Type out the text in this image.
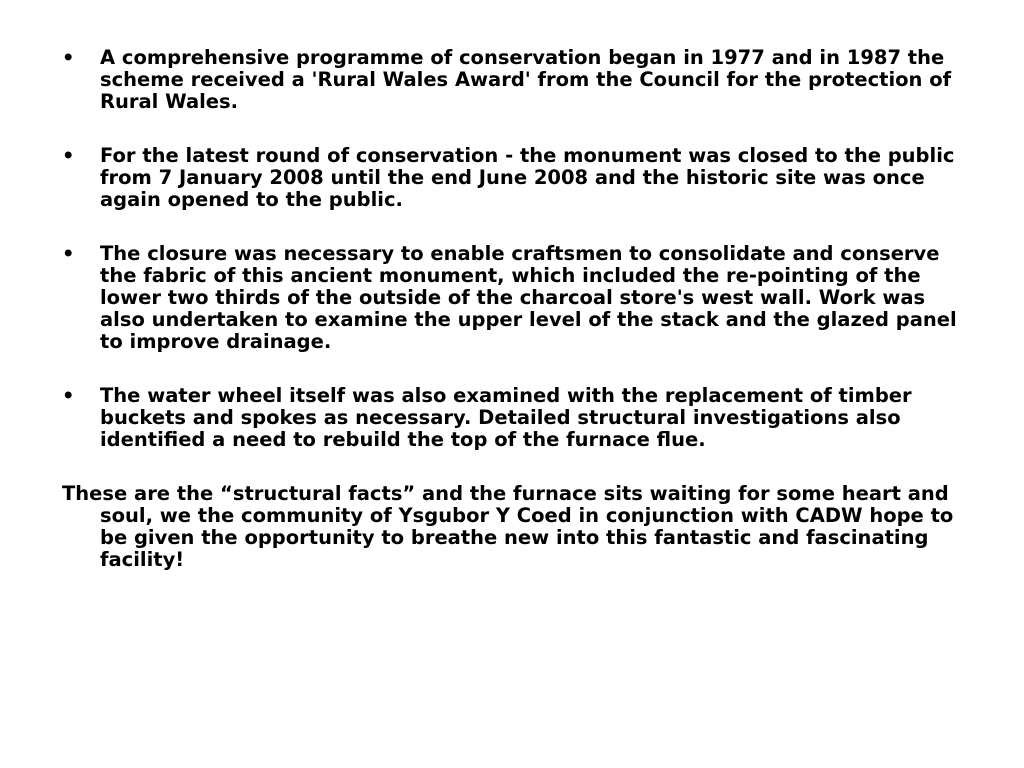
•	A comprehensive programme of conservation began in 1977 and in 1987 the scheme received a 'Rural Wales Award' from the Council for the protection of Rural Wales.
•	For the latest round of conservation - the monument was closed to the public from 7 January 2008 until the end June 2008 and the historic site was once again opened to the public.
•	The closure was necessary to enable craftsmen to consolidate and conserve the fabric of this ancient monument, which included the re-pointing of the lower two thirds of the outside of the charcoal store's west wall. Work was also undertaken to examine the upper level of the stack and the glazed panel to improve drainage.
•	The water wheel itself was also examined with the replacement of timber buckets and spokes as necessary. Detailed structural investigations also identified a need to rebuild the top of the furnace flue.

These are the “structural facts” and the furnace sits waiting for some heart and soul, we the community of Ysgubor Y Coed in conjunction with CADW hope to be given the opportunity to breathe new into this fantastic and fascinating facility!
